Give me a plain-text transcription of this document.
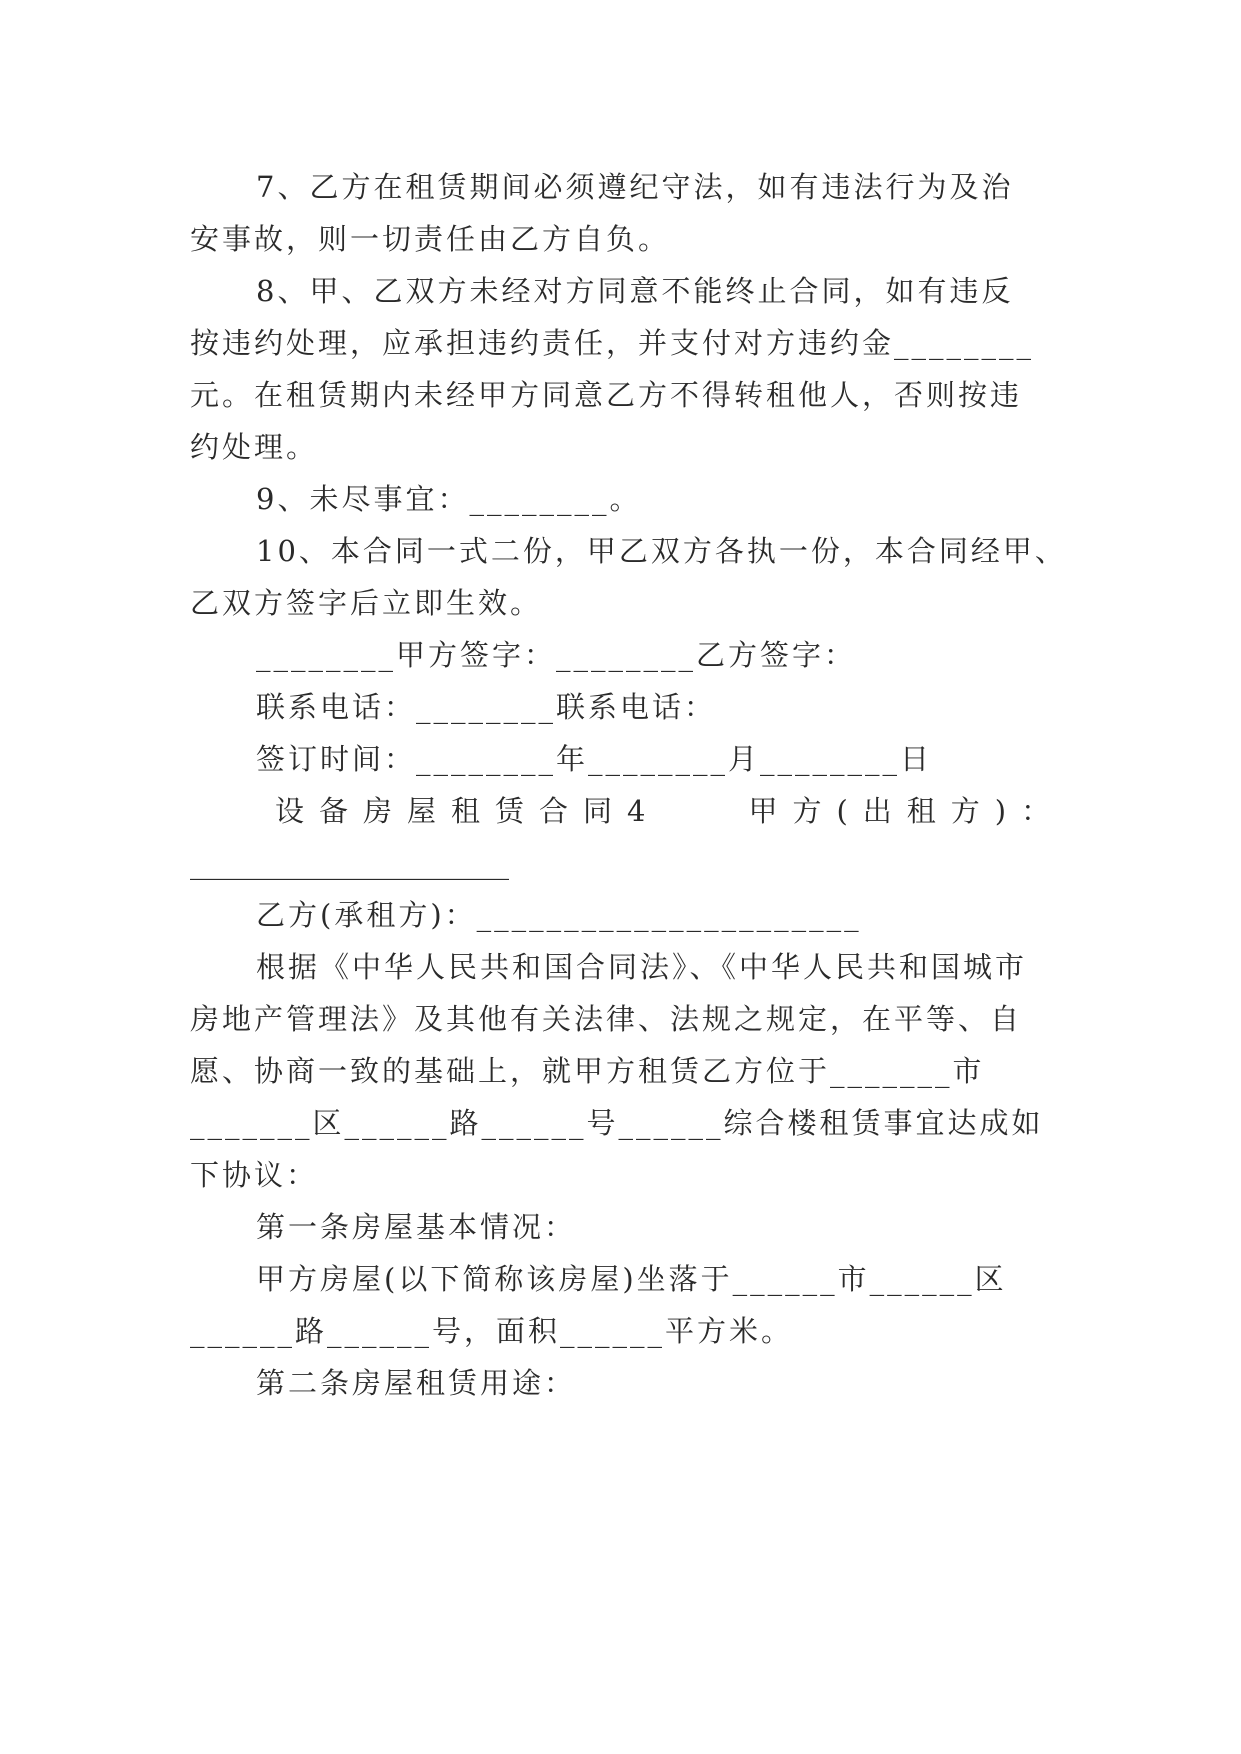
7、乙方在租赁期间必须遵纪守法，如有违法行为及治
安事故，则一切责任由乙方自负。
8、甲、乙双方未经对方同意不能终止合同，如有违反
按违约处理，应承担违约责任，并支付对方违约金________
元。在租赁期内未经甲方同意乙方不得转租他人，否则按违
约处理。
9、未尽事宜：________。
10、本合同一式二份，甲乙双方各执一份，本合同经甲、
乙双方签字后立即生效。
________甲方签字：________乙方签字：
联系电话：________联系电话：
签订时间：________年________月________日
设备房屋租赁合同4　　甲方(出租方)：
______________________
乙方(承租方)：______________________
根据《中华人民共和国合同法》、《中华人民共和国城市
房地产管理法》及其他有关法律、法规之规定，在平等、自
愿、协商一致的基础上，就甲方租赁乙方位于_______市
_______区______路______号______综合楼租赁事宜达成如
下协议：
第一条房屋基本情况：
甲方房屋(以下简称该房屋)坐落于______市______区
______路______号，面积______平方米。
第二条房屋租赁用途：
